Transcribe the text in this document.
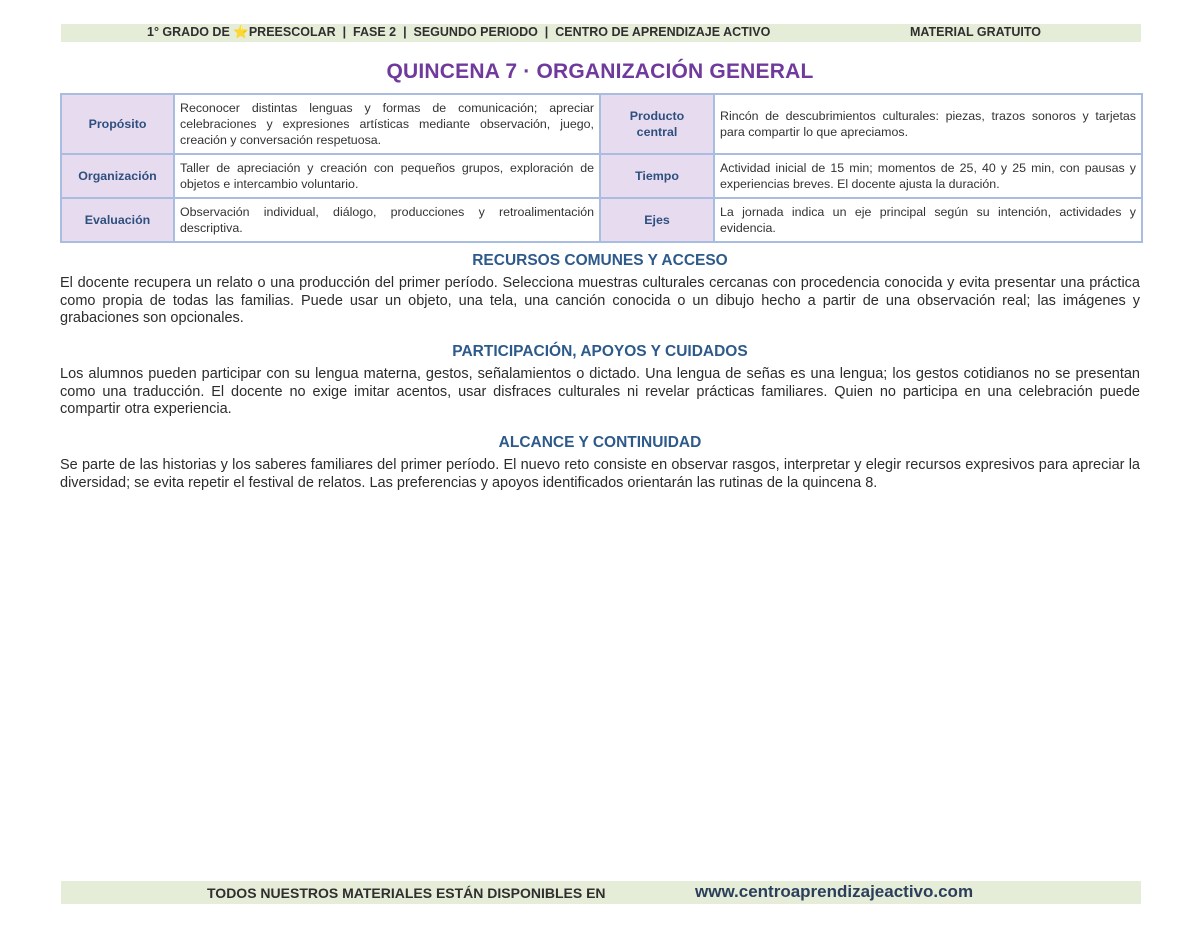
1° GRADO DE ⭐PREESCOLAR  |  FASE 2  |  SEGUNDO PERIODO  |  CENTRO DE APRENDIZAJE ACTIVO	MATERIAL GRATUITO
QUINCENA 7 · ORGANIZACIÓN GENERAL
Propósito	Reconocer distintas lenguas y formas de comunicación; apreciar celebraciones y expresiones artísticas mediante observación, juego, creación y conversación respetuosa.	Producto central	Rincón de descubrimientos culturales: piezas, trazos sonoros y tarjetas para compartir lo que apreciamos.
Organización	Taller de apreciación y creación con pequeños grupos, exploración de objetos e intercambio voluntario.	Tiempo	Actividad inicial de 15 min; momentos de 25, 40 y 25 min, con pausas y experiencias breves. El docente ajusta la duración.
Evaluación	Observación individual, diálogo, producciones y retroalimentación descriptiva.	Ejes	La jornada indica un eje principal según su intención, actividades y evidencia.
RECURSOS COMUNES Y ACCESO

El docente recupera un relato o una producción del primer período. Selecciona muestras culturales cercanas con procedencia conocida y evita presentar una práctica como propia de todas las familias. Puede usar un objeto, una tela, una canción conocida o un dibujo hecho a partir de una observación real; las imágenes y grabaciones son opcionales.

PARTICIPACIÓN, APOYOS Y CUIDADOS

Los alumnos pueden participar con su lengua materna, gestos, señalamientos o dictado. Una lengua de señas es una lengua; los gestos cotidianos no se presentan como una traducción. El docente no exige imitar acentos, usar disfraces culturales ni revelar prácticas familiares. Quien no participa en una celebración puede compartir otra experiencia.

ALCANCE Y CONTINUIDAD

Se parte de las historias y los saberes familiares del primer período. El nuevo reto consiste en observar rasgos, interpretar y elegir recursos expresivos para apreciar la diversidad; se evita repetir el festival de relatos. Las preferencias y apoyos identificados orientarán las rutinas de la quincena 8.

TODOS NUESTROS MATERIALES ESTÁN DISPONIBLES EN	www.centroaprendizajeactivo.com
